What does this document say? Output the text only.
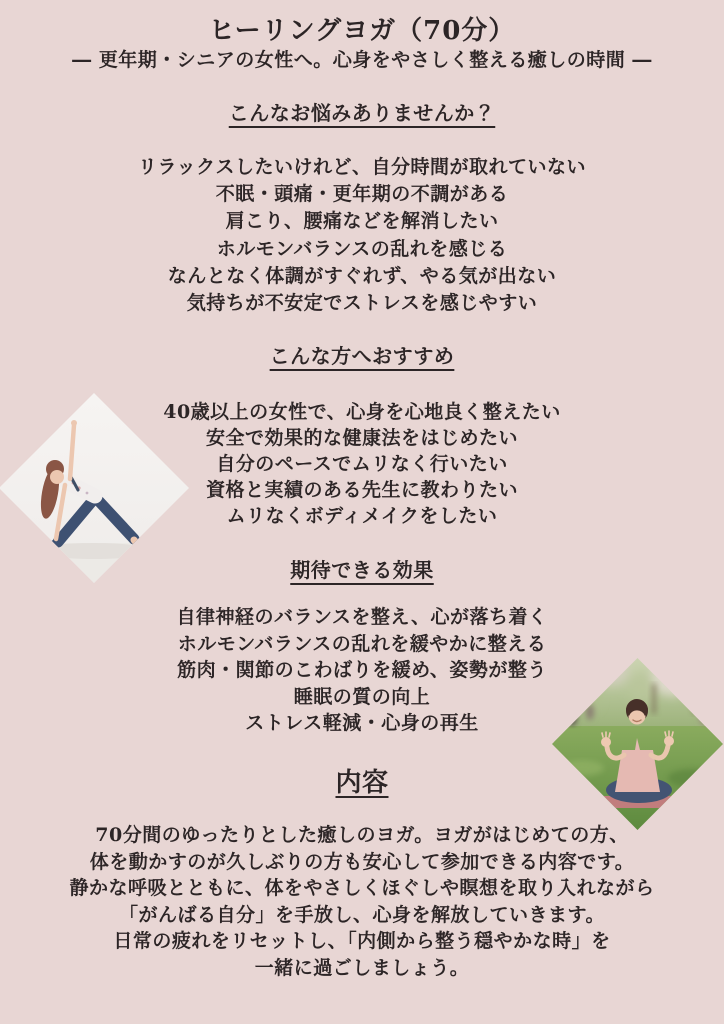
ヒーリングヨガ（70分）
― 更年期・シニアの女性へ。心身をやさしく整える癒しの時間 ―
こんなお悩みありませんか？
リラックスしたいけれど、自分時間が取れていない
不眠・頭痛・更年期の不調がある
肩こり、腰痛などを解消したい
ホルモンバランスの乱れを感じる
なんとなく体調がすぐれず、やる気が出ない
気持ちが不安定でストレスを感じやすい
こんな方へおすすめ
40歳以上の女性で、心身を心地良く整えたい
安全で効果的な健康法をはじめたい
自分のペースでムリなく行いたい
資格と実績のある先生に教わりたい
ムリなくボディメイクをしたい
期待できる効果
自律神経のバランスを整え、心が落ち着く
ホルモンバランスの乱れを緩やかに整える
筋肉・関節のこわばりを緩め、姿勢が整う
睡眠の質の向上
ストレス軽減・心身の再生
内容
70分間のゆったりとした癒しのヨガ。ヨガがはじめての方、
体を動かすのが久しぶりの方も安心して参加できる内容です。
静かな呼吸とともに、体をやさしくほぐしや瞑想を取り入れながら
「がんばる自分」を手放し、心身を解放していきます。
日常の疲れをリセットし、「内側から整う穏やかな時」を
一緒に過ごしましょう。
